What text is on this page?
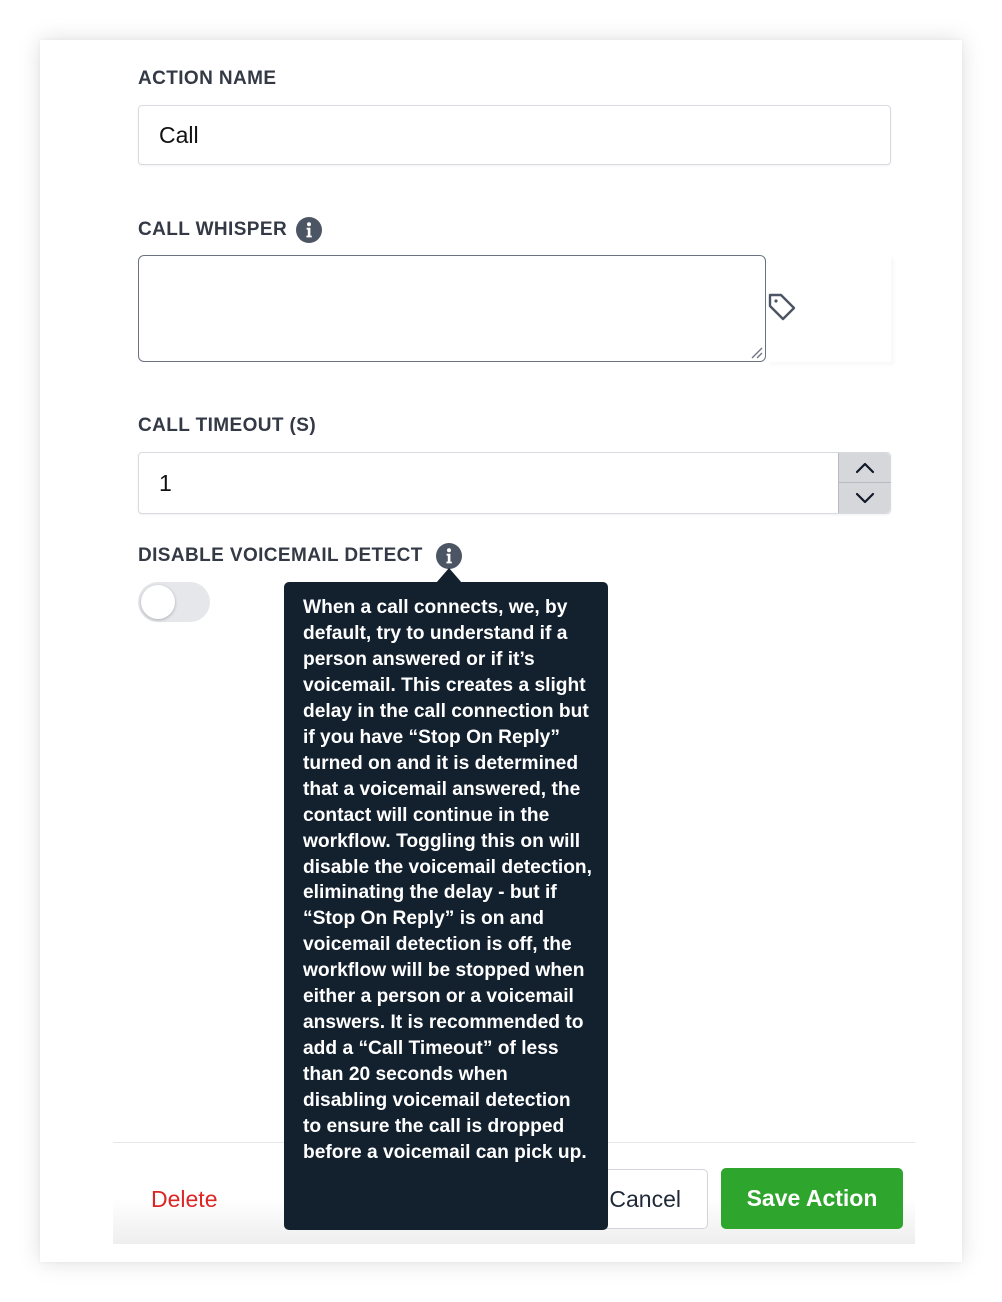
ACTION NAME
Call
CALL WHISPER
CALL TIMEOUT (S)
1
DISABLE VOICEMAIL DETECT
Delete	Cancel	Save Action
When a call connects, we, by default, try to understand if a person answered or if it’s voicemail. This creates a slight delay in the call connection but if you have “Stop On Reply” turned on and it is determined that a voicemail answered, the contact will continue in the workflow. Toggling this on will disable the voicemail detection, eliminating the delay - but if “Stop On Reply” is on and voicemail detection is off, the workflow will be stopped when either a person or a voicemail answers. It is recommended to add a “Call Timeout” of less than 20 seconds when disabling voicemail detection to ensure the call is dropped before a voicemail can pick up.
